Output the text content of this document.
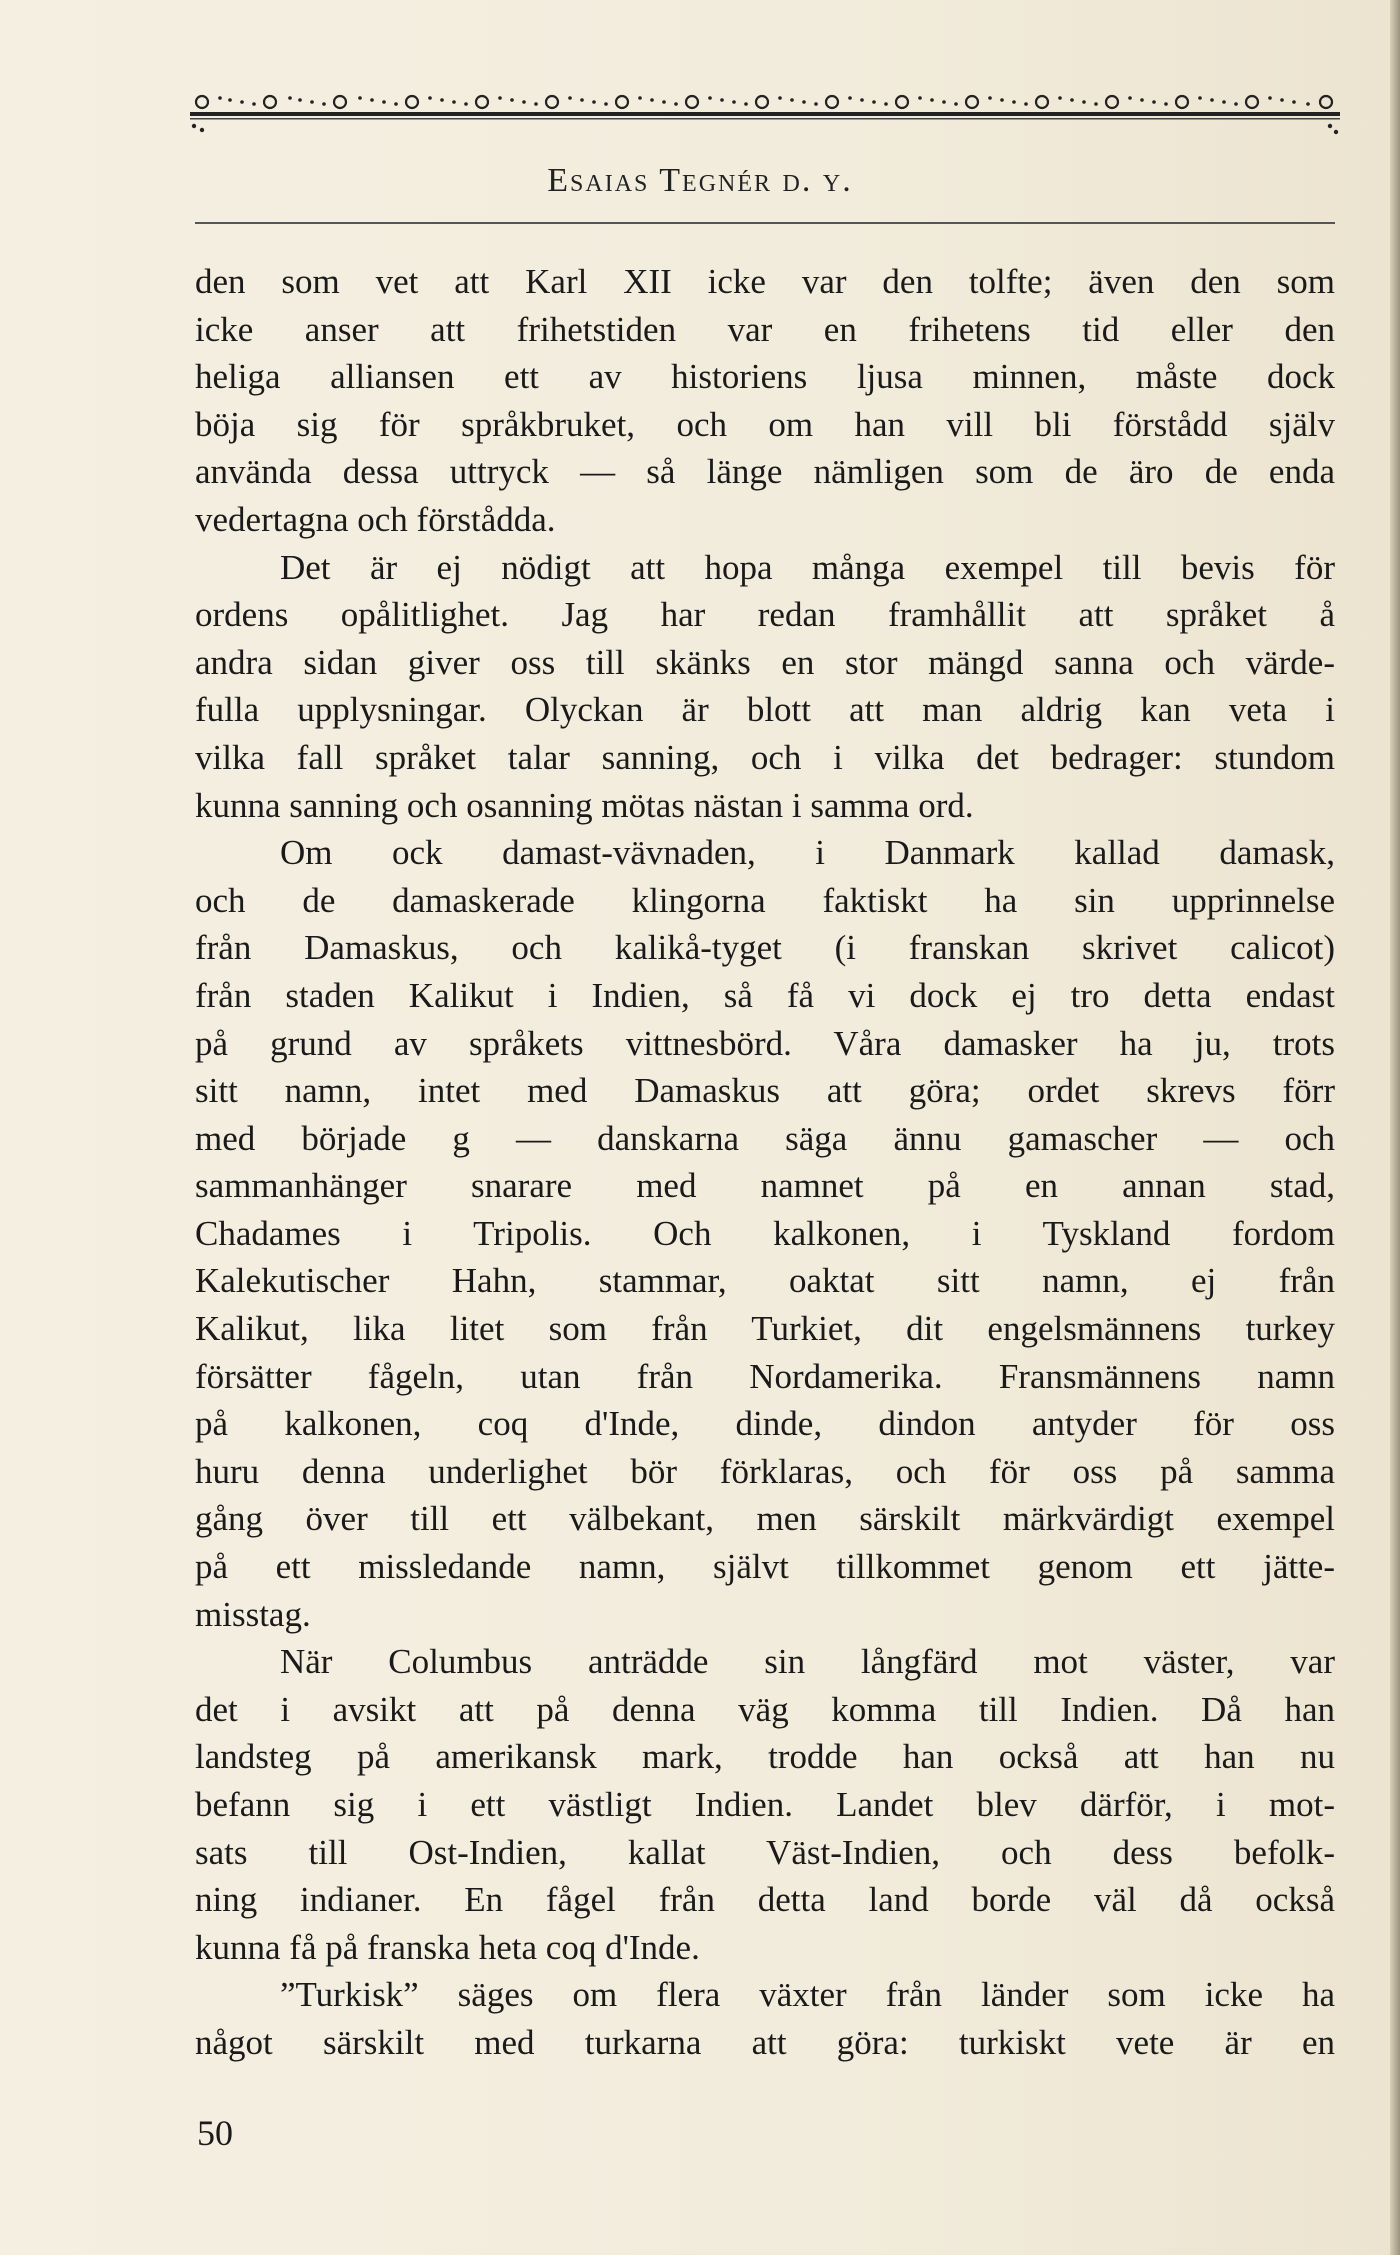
Esaias Tegnér d. y.
den som vet att Karl XII icke var den tolfte; även den som
icke anser att frihetstiden var en frihetens tid eller den
heliga alliansen ett av historiens ljusa minnen, måste dock
böja sig för språkbruket, och om han vill bli förstådd själv
använda dessa uttryck — så länge nämligen som de äro de enda
vedertagna och förstådda.
Det är ej nödigt att hopa många exempel till bevis för
ordens opålitlighet. Jag har redan framhållit att språket å
andra sidan giver oss till skänks en stor mängd sanna och värde-
fulla upplysningar. Olyckan är blott att man aldrig kan veta i
vilka fall språket talar sanning, och i vilka det bedrager: stundom
kunna sanning och osanning mötas nästan i samma ord.
Om ock damast-vävnaden, i Danmark kallad damask,
och de damaskerade klingorna faktiskt ha sin upprinnelse
från Damaskus, och kalikå-tyget (i franskan skrivet calicot)
från staden Kalikut i Indien, så få vi dock ej tro detta endast
på grund av språkets vittnesbörd. Våra damasker ha ju, trots
sitt namn, intet med Damaskus att göra; ordet skrevs förr
med började g — danskarna säga ännu gamascher — och
sammanhänger snarare med namnet på en annan stad,
Chadames i Tripolis. Och kalkonen, i Tyskland fordom
Kalekutischer Hahn, stammar, oaktat sitt namn, ej från
Kalikut, lika litet som från Turkiet, dit engelsmännens turkey
försätter fågeln, utan från Nordamerika. Fransmännens namn
på kalkonen, coq d'Inde, dinde, dindon antyder för oss
huru denna underlighet bör förklaras, och för oss på samma
gång över till ett välbekant, men särskilt märkvärdigt exempel
på ett missledande namn, självt tillkommet genom ett jätte-
misstag.
När Columbus anträdde sin långfärd mot väster, var
det i avsikt att på denna väg komma till Indien. Då han
landsteg på amerikansk mark, trodde han också att han nu
befann sig i ett västligt Indien. Landet blev därför, i mot-
sats till Ost-Indien, kallat Väst-Indien, och dess befolk-
ning indianer. En fågel från detta land borde väl då också
kunna få på franska heta coq d'Inde.
”Turkisk” säges om flera växter från länder som icke ha
något särskilt med turkarna att göra: turkiskt vete är en
50
